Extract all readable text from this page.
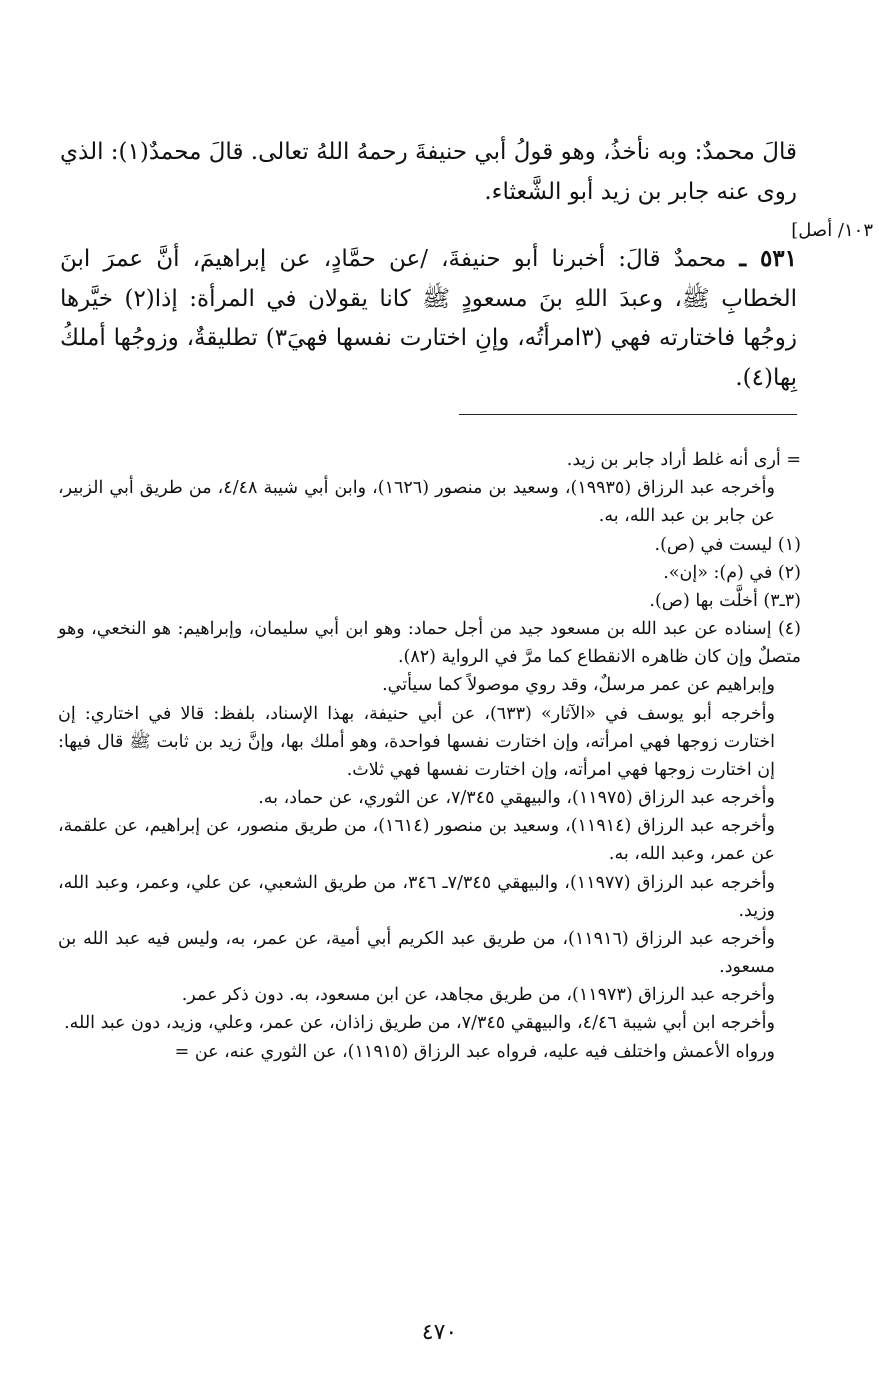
قالَ محمدٌ: وبه نأخذُ، وهو قولُ أبي حنيفةَ رحمهُ اللهُ تعالى. قالَ محمدٌ(١): الذي روى عنه جابر بن زيد أبو الشَّعثاء.

١٠٣/ أصل]

٥٣١ ـ محمدٌ قالَ: أخبرنا أبو حنيفةَ، /عن حمَّادٍ، عن إبراهيمَ، أنَّ عمرَ ابنَ الخطابِ ﷺ، وعبدَ اللهِ بنَ مسعودٍ ﷺ كانا يقولان في المرأة: إذا(٢) خيَّرها زوجُها فاختارته فهي (٣امرأتُه، وإنِ اختارت نفسها فهيَ٣) تطليقةٌ، وزوجُها أملكُ بِها(٤).

= أرى أنه غلط أراد جابر بن زيد.

وأخرجه عبد الرزاق (١٩٩٣٥)، وسعيد بن منصور (١٦٢٦)، وابن أبي شيبة ٤/٤٨، من طريق أبي الزبير، عن جابر بن عبد الله، به.

(١) ليست في (ص).

(٢) في (م): «إن».

(٣ـ٣) أخلَّت بها (ص).

(٤) إسناده عن عبد الله بن مسعود جيد من أجل حماد: وهو ابن أبي سليمان، وإبراهيم: هو النخعي، وهو متصلٌ وإن كان ظاهره الانقطاع كما مرَّ في الرواية (٨٢).

وإبراهيم عن عمر مرسلٌ، وقد روي موصولاً كما سيأتي.

وأخرجه أبو يوسف في «الآثار» (٦٣٣)، عن أبي حنيفة، بهذا الإسناد، بلفظ: قالا في اختاري: إن اختارت زوجها فهي امرأته، وإن اختارت نفسها فواحدة، وهو أملك بها، وإنَّ زيد بن ثابت ﷺ قال فيها: إن اختارت زوجها فهي امرأته، وإن اختارت نفسها فهي ثلاث.

وأخرجه عبد الرزاق (١١٩٧٥)، والبيهقي ٧/٣٤٥، عن الثوري، عن حماد، به.

وأخرجه عبد الرزاق (١١٩١٤)، وسعيد بن منصور (١٦١٤)، من طريق منصور، عن إبراهيم، عن علقمة، عن عمر، وعبد الله، به.

وأخرجه عبد الرزاق (١١٩٧٧)، والبيهقي ٧/٣٤٥ـ ٣٤٦، من طريق الشعبي، عن علي، وعمر، وعبد الله، وزيد.

وأخرجه عبد الرزاق (١١٩١٦)، من طريق عبد الكريم أبي أمية، عن عمر، به، وليس فيه عبد الله بن مسعود.

وأخرجه عبد الرزاق (١١٩٧٣)، من طريق مجاهد، عن ابن مسعود، به. دون ذكر عمر.

وأخرجه ابن أبي شيبة ٤/٤٦، والبيهقي ٧/٣٤٥، من طريق زاذان، عن عمر، وعلي، وزيد، دون عبد الله.

ورواه الأعمش واختلف فيه عليه، فرواه عبد الرزاق (١١٩١٥)، عن الثوري عنه، عن =

٤٧٠
